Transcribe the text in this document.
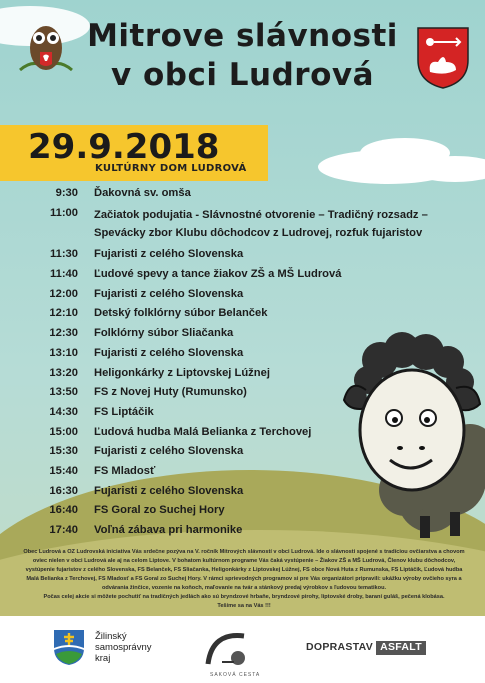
Mitrove slávnosti
v obci Ludrová
29.9.2018
KULTÚRNY DOM LUDROVÁ
9:30 Ďakovná sv. omša
11:00 Začiatok podujatia - Slávnostné otvorenie – Tradičný rozsadz – Spevácky zbor Klubu dôchodcov z Ludrovej, rozfuk fujaristov
11:30 Fujaristi z celého Slovenska
11:40 Ľudové spevy a tance žiakov ZŠ a MŠ Ludrová
12:00 Fujaristi z celého Slovenska
12:10 Detský folklórny súbor Belanček
12:30 Folklórny súbor Sliačanka
13:10 Fujaristi z celého Slovenska
13:20 Heligonkárky z Liptovskej Lúžnej
13:50 FS z Novej Huty (Rumunsko)
14:30 FS Liptáčik
15:00 Ľudová hudba Malá Belianka z Terchovej
15:30 Fujaristi z celého Slovenska
15:40 FS Mladosť
16:30 Fujaristi z celého Slovenska
16:40 FS Goral zo Suchej Hory
17:40 Voľná zábava pri harmonike

Obec Ludrová a OZ Ludrovská iniciatíva Vás srdečne pozýva na V. ročník Mitrových slávností v obci Ludrová. Ide o slávnosti spojené s tradíciou ovčiarstva a chovom oviec nielen v obci Ludrová ale aj na celom Liptove. V bohatom kultúrnom programe Vás čaká vystúpenie – Žiakov ZŠ a MŠ Ludrová, Členov klubu dôchodcov, vystúpenie fujaristov z celého Slovenska, FS Belanček, FS Sliačanka, Heligonkárky z Liptovskej Lúžnej, FS obce Nová Huta z Rumunska, FS Liptáčik, Ľudová hudba Malá Belianka z Terchovej, FS Mladosť a FS Goral zo Suchej Hory. V rámci sprievodných programov si pre Vás organizátori pripravili: ukážku výroby ovčieho syra a odvárania žinčice, vozenie na koňoch, maľovanie na tvár a stánkový predaj výrobkov s ľudovou tematikou.

Počas celej akcie si môžete pochutiť na tradičných jedlách ako sú bryndzové hrbaňe, bryndzové pirohy, liptovské droby, baraní guláš, pečená klobása.

Tešíme sa na Vás !!!

Žilinský
samosprávny
kraj
SAKOVÁ CESTA
DOPRASTAV ASFALT
